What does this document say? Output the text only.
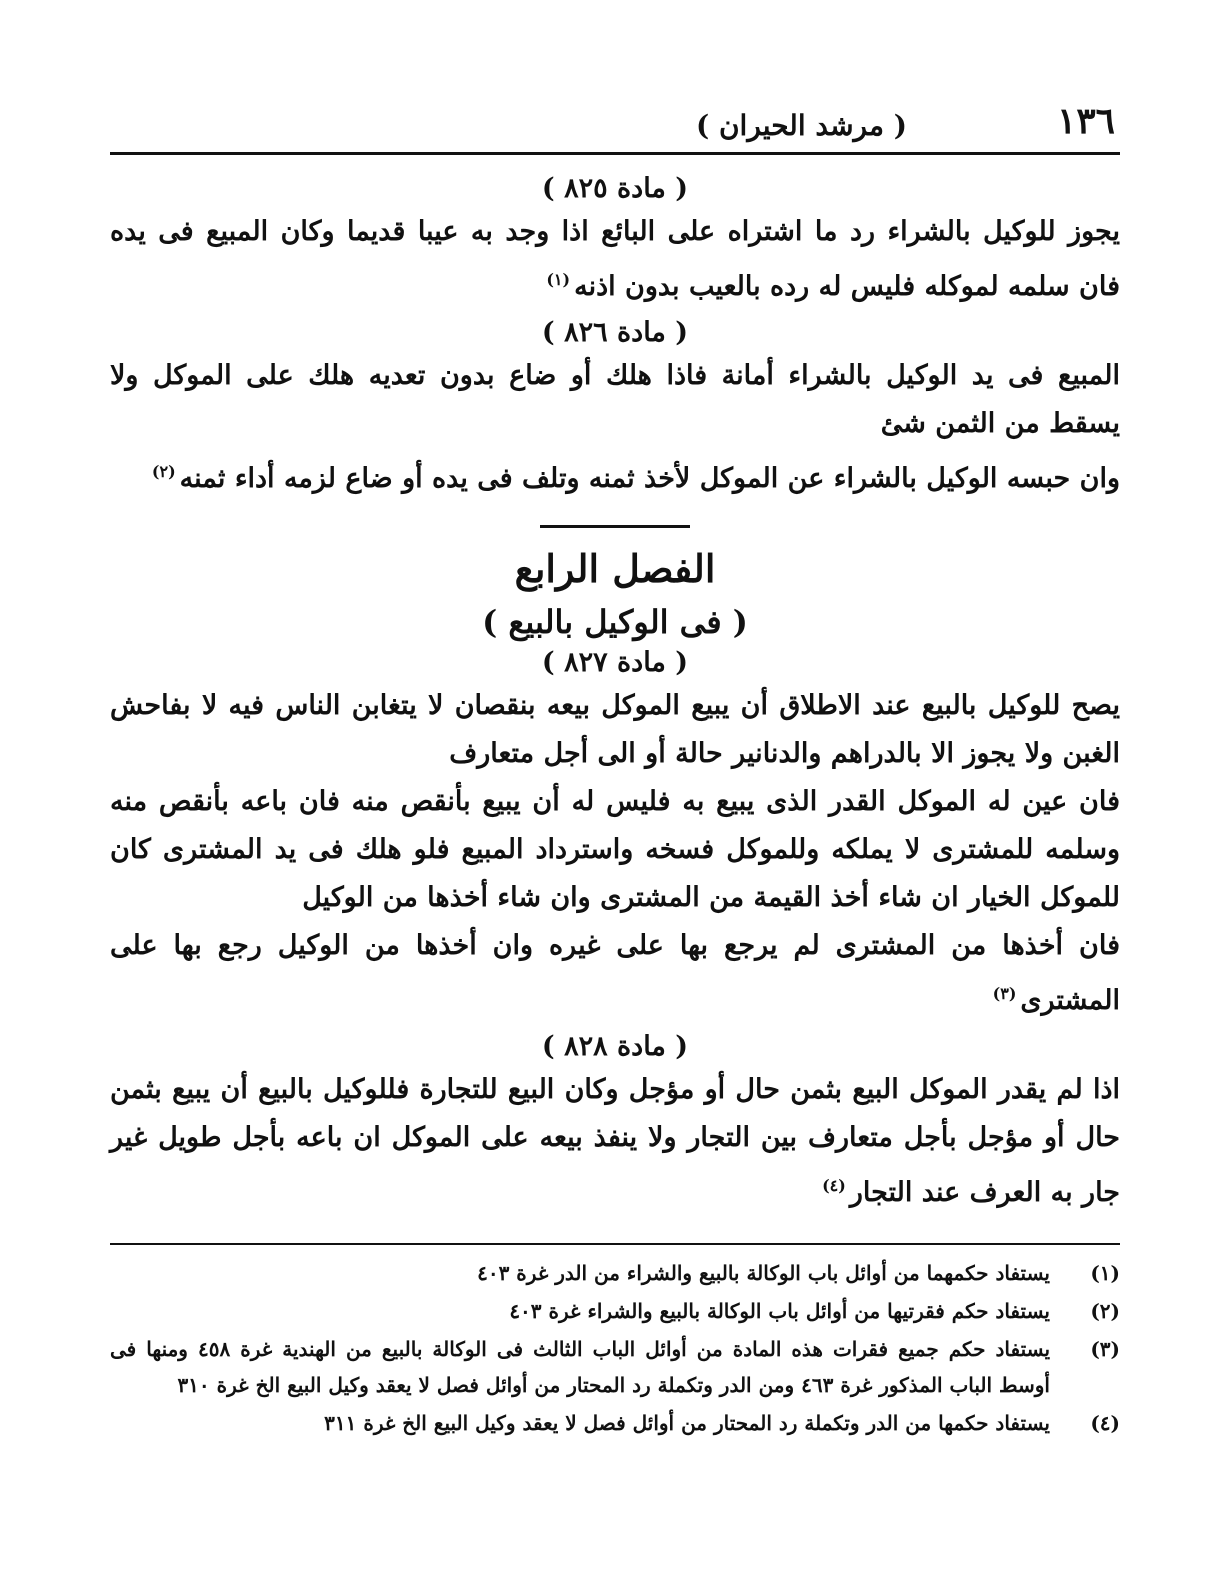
١٣٦
( مرشد الحيران )
( مادة ٨٢٥ )

يجوز للوكيل بالشراء رد ما اشتراه على البائع اذا وجد به عيبا قديما وكان المبيع فى يده فان سلمه لموكله فليس له رده بالعيب بدون اذنه$^{(١)}$

( مادة ٨٢٦ )

المبيع فى يد الوكيل بالشراء أمانة فاذا هلك أو ضاع بدون تعديه هلك على الموكل ولا يسقط من الثمن شئ

وان حبسه الوكيل بالشراء عن الموكل لأخذ ثمنه وتلف فى يده أو ضاع لزمه أداء ثمنه$^{(٢)}$

الفصل الرابع
( فى الوكيل بالبيع )
( مادة ٨٢٧ )

يصح للوكيل بالبيع عند الاطلاق أن يبيع الموكل بيعه بنقصان لا يتغابن الناس فيه لا بفاحش الغبن ولا يجوز الا بالدراهم والدنانير حالة أو الى أجل متعارف

فان عين له الموكل القدر الذى يبيع به فليس له أن يبيع بأنقص منه فان باعه بأنقص منه وسلمه للمشترى لا يملكه وللموكل فسخه واسترداد المبيع فلو هلك فى يد المشترى كان للموكل الخيار ان شاء أخذ القيمة من المشترى وان شاء أخذها من الوكيل

فان أخذها من المشترى لم يرجع بها على غيره وان أخذها من الوكيل رجع بها على المشترى$^{(٣)}$

( مادة ٨٢٨ )

اذا لم يقدر الموكل البيع بثمن حال أو مؤجل وكان البيع للتجارة فللوكيل بالبيع أن يبيع بثمن حال أو مؤجل بأجل متعارف بين التجار ولا ينفذ بيعه على الموكل ان باعه بأجل طويل غير جار به العرف عند التجار$^{(٤)}$

(١)
يستفاد حكمهما من أوائل باب الوكالة بالبيع والشراء من الدر غرة ٤٠٣
(٢)
يستفاد حكم فقرتيها من أوائل باب الوكالة بالبيع والشراء غرة ٤٠٣
(٣)
يستفاد حكم جميع فقرات هذه المادة من أوائل الباب الثالث فى الوكالة بالبيع من الهندية غرة ٤٥٨ ومنها فى أوسط الباب المذكور غرة ٤٦٣ ومن الدر وتكملة رد المحتار من أوائل فصل لا يعقد وكيل البيع الخ غرة ٣١٠
(٤)
يستفاد حكمها من الدر وتكملة رد المحتار من أوائل فصل لا يعقد وكيل البيع الخ غرة ٣١١
